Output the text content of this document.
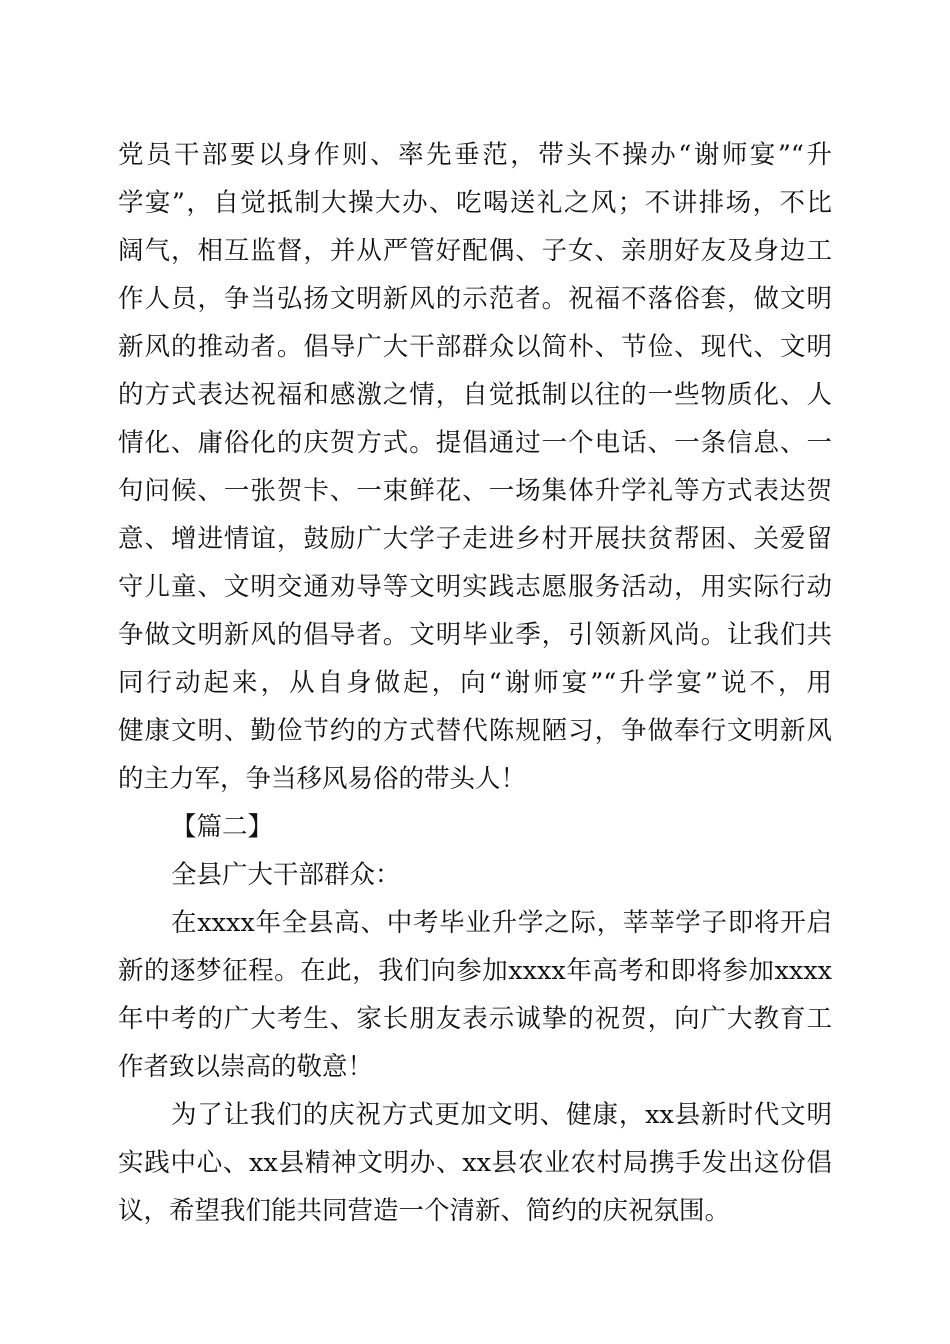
党员干部要以身作则、率先垂范，带头不操办“谢师宴”“升
学宴”，自觉抵制大操大办、吃喝送礼之风；不讲排场，不比
阔气，相互监督，并从严管好配偶、子女、亲朋好友及身边工
作人员，争当弘扬文明新风的示范者。祝福不落俗套，做文明
新风的推动者。倡导广大干部群众以简朴、节俭、现代、文明
的方式表达祝福和感激之情，自觉抵制以往的一些物质化、人
情化、庸俗化的庆贺方式。提倡通过一个电话、一条信息、一
句问候、一张贺卡、一束鲜花、一场集体升学礼等方式表达贺
意、增进情谊，鼓励广大学子走进乡村开展扶贫帮困、关爱留
守儿童、文明交通劝导等文明实践志愿服务活动，用实际行动
争做文明新风的倡导者。文明毕业季，引领新风尚。让我们共
同行动起来，从自身做起，向“谢师宴”“升学宴”说不，用
健康文明、勤俭节约的方式替代陈规陋习，争做奉行文明新风
的主力军，争当移风易俗的带头人！
【篇二】
全县广大干部群众：
在xxxx年全县高、中考毕业升学之际，莘莘学子即将开启
新的逐梦征程。在此，我们向参加xxxx年高考和即将参加xxxx
年中考的广大考生、家长朋友表示诚挚的祝贺，向广大教育工
作者致以崇高的敬意！
为了让我们的庆祝方式更加文明、健康，xx县新时代文明
实践中心、xx县精神文明办、xx县农业农村局携手发出这份倡
议，希望我们能共同营造一个清新、简约的庆祝氛围。
